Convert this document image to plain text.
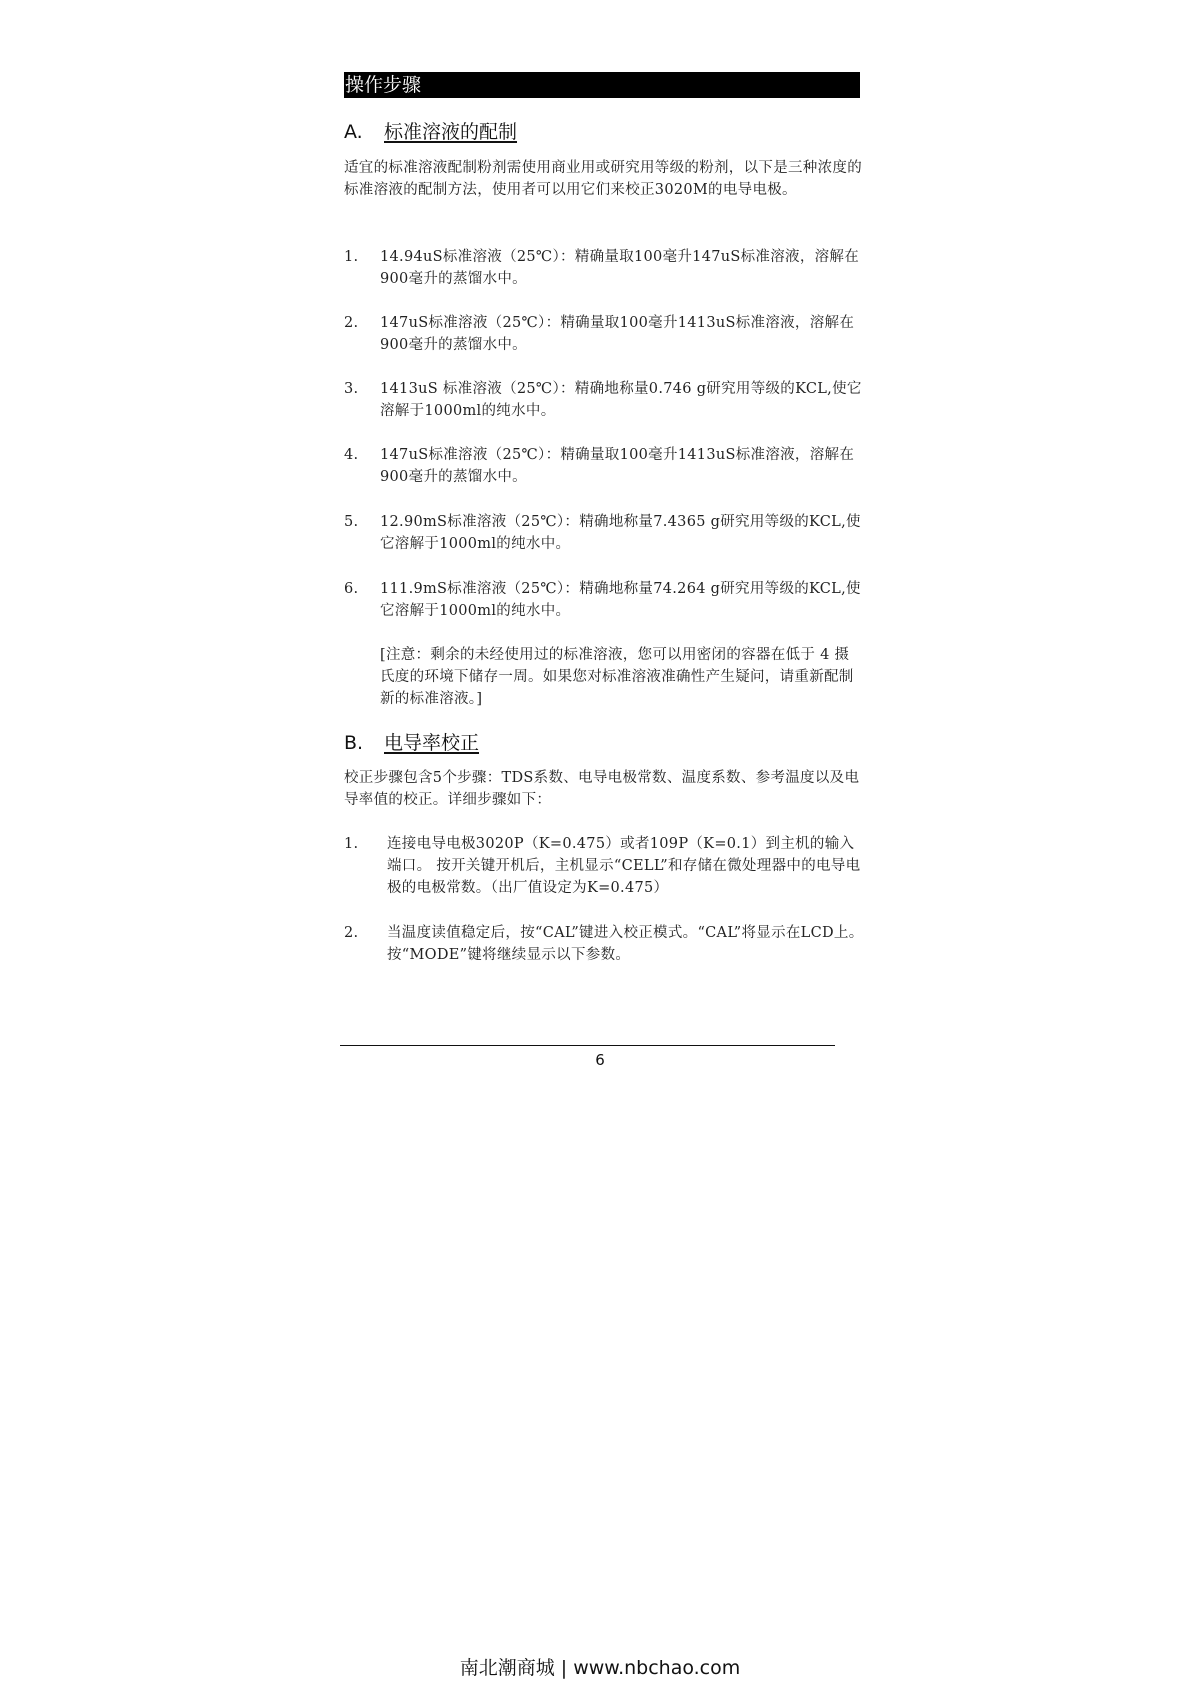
操作步骤
A. 标准溶液的配制
适宜的标准溶液配制粉剂需使用商业用或研究用等级的粉剂，以下是三种浓度的标准溶液的配制方法，使用者可以用它们来校正3020M的电导电极。
1. 14.94uS标准溶液（25℃）：精确量取100毫升147uS标准溶液，溶解在900毫升的蒸馏水中。
2. 147uS标准溶液（25℃）：精确量取100毫升1413uS标准溶液，溶解在900毫升的蒸馏水中。
3. 1413uS 标准溶液（25℃）：精确地称量0.746 g研究用等级的KCL,使它溶解于1000ml的纯水中。
4. 147uS标准溶液（25℃）：精确量取100毫升1413uS标准溶液，溶解在900毫升的蒸馏水中。
5. 12.90mS标准溶液（25℃）：精确地称量7.4365 g研究用等级的KCL,使它溶解于1000ml的纯水中。
6. 111.9mS标准溶液（25℃）：精确地称量74.264 g研究用等级的KCL,使它溶解于1000ml的纯水中。
[注意：剩余的未经使用过的标准溶液，您可以用密闭的容器在低于 4 摄氏度的环境下储存一周。如果您对标准溶液准确性产生疑问，请重新配制新的标准溶液。]
B. 电导率校正
校正步骤包含5个步骤：TDS系数、电导电极常数、温度系数、参考温度以及电导率值的校正。详细步骤如下：
1. 连接电导电极3020P（K=0.475）或者109P（K=0.1）到主机的输入端口。 按开关键开机后，主机显示“CELL”和存储在微处理器中的电导电极的电极常数。（出厂值设定为K=0.475）
2. 当温度读值稳定后，按“CAL”键进入校正模式。“CAL”将显示在LCD上。按“MODE”键将继续显示以下参数。
6
南北潮商城 | www.nbchao.com
